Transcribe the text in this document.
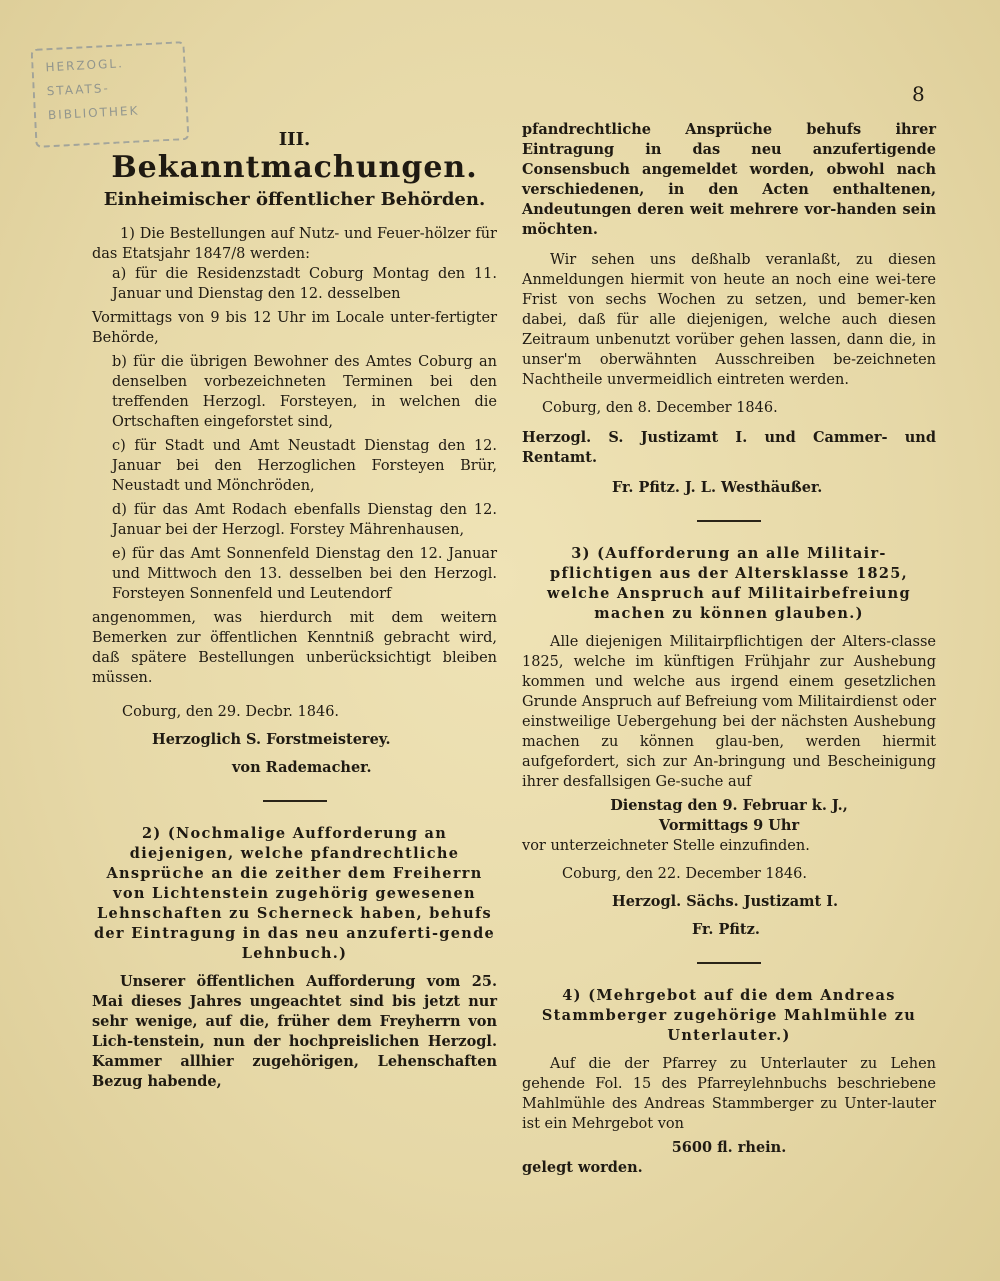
HERZOGL.
STAATS-
BIBLIOTHEK
8
III.
Bekanntmachungen.
Einheimischer öffentlicher Behörden.

1) Die Bestellungen auf Nutz- und Feuer-hölzer für das Etatsjahr 1847/8 werden:

a) für die Residenzstadt Coburg Montag den 11. Januar und Dienstag den 12. desselben
Vormittags von 9 bis 12 Uhr im Locale unter-fertigter Behörde,
b) für die übrigen Bewohner des Amtes Coburg an denselben vorbezeichneten Terminen bei den treffenden Herzogl. Forsteyen, in welchen die Ortschaften eingeforstet sind,
c) für Stadt und Amt Neustadt Dienstag den 12. Januar bei den Herzoglichen Forsteyen Brür, Neustadt und Mönchröden,
d) für das Amt Rodach ebenfalls Dienstag den 12. Januar bei der Herzogl. Forstey Mährenhausen,
e) für das Amt Sonnenfeld Dienstag den 12. Januar und Mittwoch den 13. desselben bei den Herzogl. Forsteyen Sonnenfeld und Leutendorf

angenommen, was hierdurch mit dem weitern Bemerken zur öffentlichen Kenntniß gebracht wird, daß spätere Bestellungen unberücksichtigt bleiben müssen.

Coburg, den 29. Decbr. 1846.

Herzoglich S. Forstmeisterey.

von Rademacher.

2) (Nochmalige Aufforderung an diejenigen, welche pfandrechtliche Ansprüche an die zeither dem Freiherrn von Lichtenstein zugehörig gewesenen Lehnschaften zu Scherneck haben, behufs der Eintragung in das neu anzuferti-gende Lehnbuch.)

Unserer öffentlichen Aufforderung vom 25. Mai dieses Jahres ungeachtet sind bis jetzt nur sehr wenige, auf die, früher dem Freyherrn von Lich-tenstein, nun der hochpreislichen Herzogl. Kammer allhier zugehörigen, Lehenschaften Bezug habende,

pfandrechtliche Ansprüche behufs ihrer Eintragung in das neu anzufertigende Consensbuch angemeldet worden, obwohl nach verschiedenen, in den Acten enthaltenen, Andeutungen deren weit mehrere vor-handen sein möchten.

Wir sehen uns deßhalb veranlaßt, zu diesen Anmeldungen hiermit von heute an noch eine wei-tere Frist von sechs Wochen zu setzen, und bemer-ken dabei, daß für alle diejenigen, welche auch diesen Zeitraum unbenutzt vorüber gehen lassen, dann die, in unser'm oberwähnten Ausschreiben be-zeichneten Nachtheile unvermeidlich eintreten werden.

Coburg, den 8. December 1846.

Herzogl. S. Justizamt I. und Cammer- und Rentamt.

Fr. Pfitz. J. L. Westhäußer.

3) (Aufforderung an alle Militair-pflichtigen aus der Altersklasse 1825, welche Anspruch auf Militairbefreiung machen zu können glauben.)

Alle diejenigen Militairpflichtigen der Alters-classe 1825, welche im künftigen Frühjahr zur Aushebung kommen und welche aus irgend einem gesetzlichen Grunde Anspruch auf Befreiung vom Militairdienst oder einstweilige Uebergehung bei der nächsten Aushebung machen zu können glau-ben, werden hiermit aufgefordert, sich zur An-bringung und Bescheinigung ihrer desfallsigen Ge-suche auf

Dienstag den 9. Februar k. J.,

Vormittags 9 Uhr

vor unterzeichneter Stelle einzufinden.

Coburg, den 22. December 1846.

Herzogl. Sächs. Justizamt I.

Fr. Pfitz.

4) (Mehrgebot auf die dem Andreas Stammberger zugehörige Mahlmühle zu Unterlauter.)

Auf die der Pfarrey zu Unterlauter zu Lehen gehende Fol. 15 des Pfarreylehnbuchs beschriebene Mahlmühle des Andreas Stammberger zu Unter-lauter ist ein Mehrgebot von

5600 fl. rhein.

gelegt worden.
